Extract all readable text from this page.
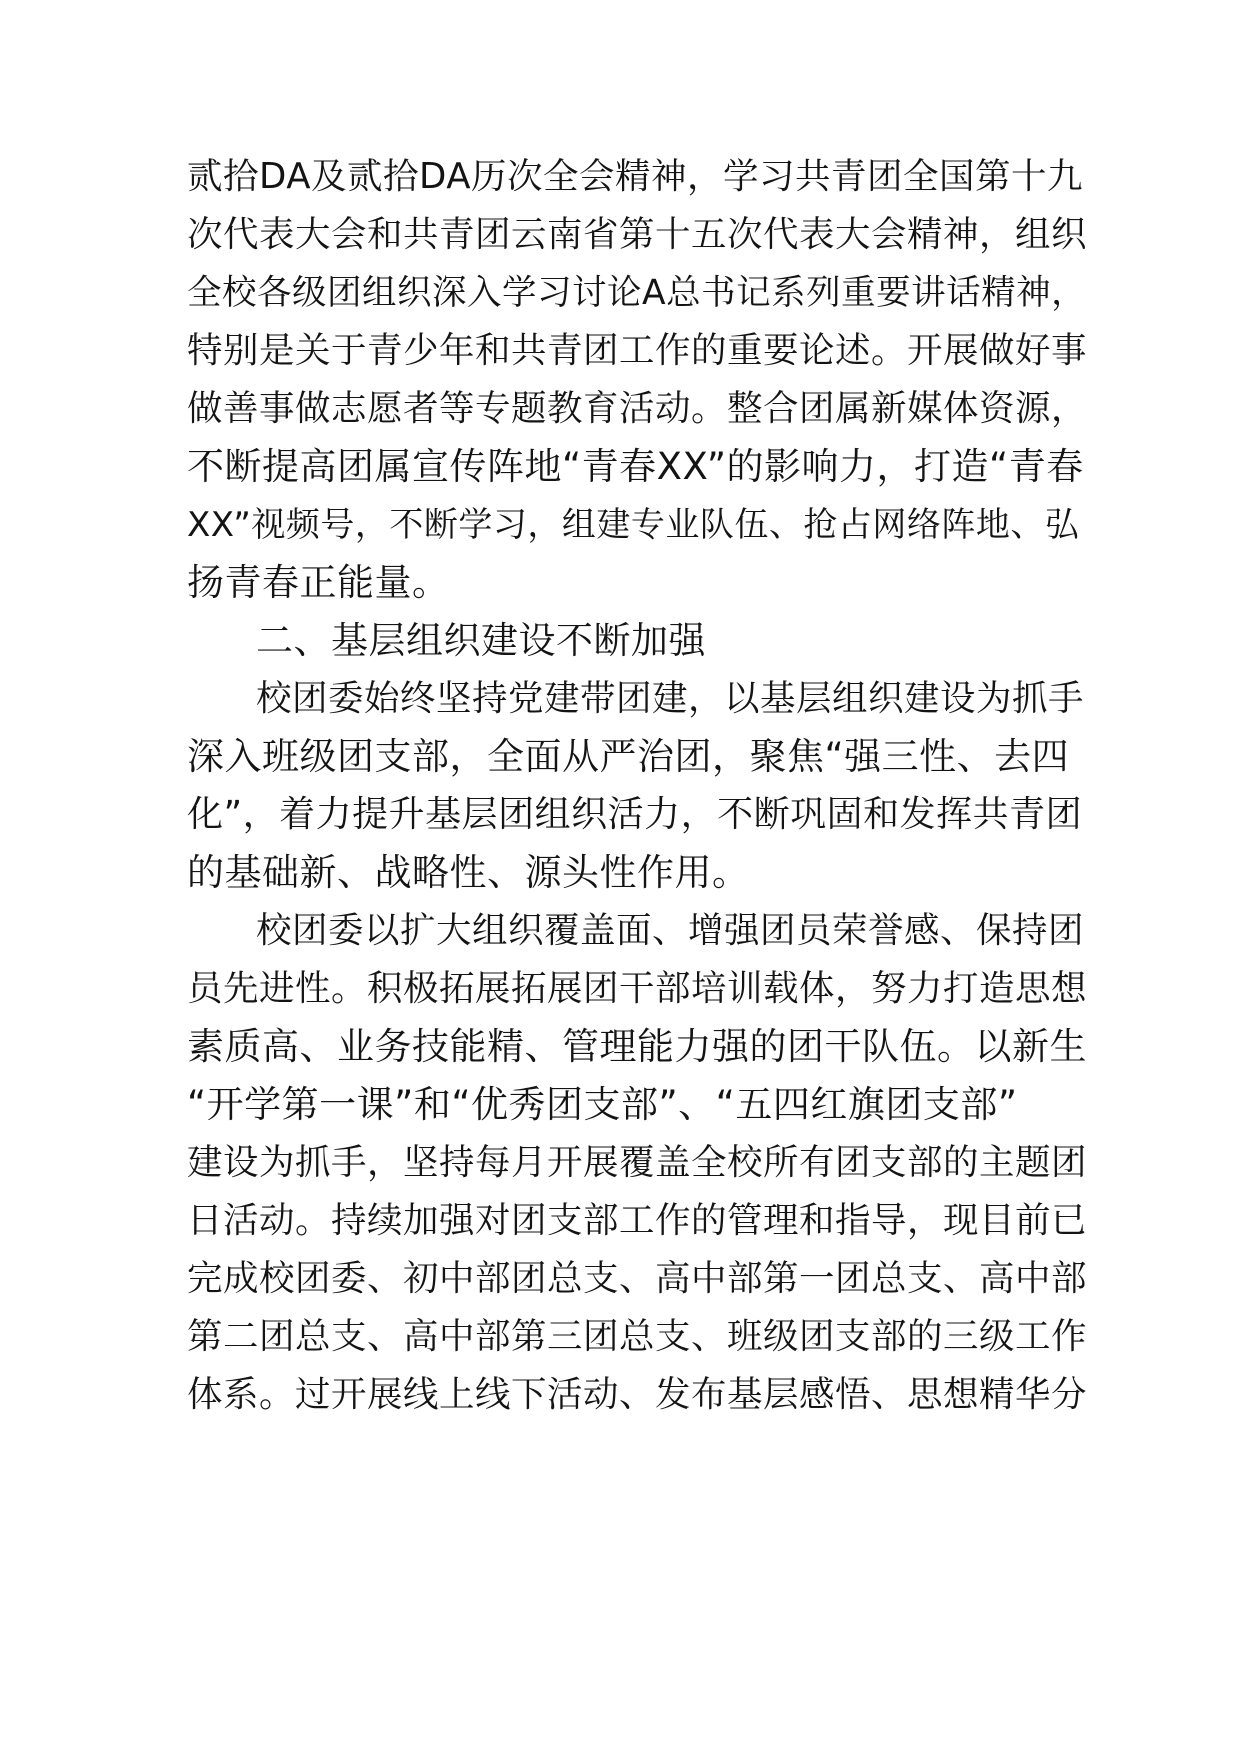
贰拾DA及贰拾DA历次全会精神，学习共青团全国第十九
次代表大会和共青团云南省第十五次代表大会精神，组织
全校各级团组织深入学习讨论A总书记系列重要讲话精神，
特别是关于青少年和共青团工作的重要论述。开展做好事
做善事做志愿者等专题教育活动。整合团属新媒体资源，
不断提高团属宣传阵地“青春XX”的影响力，打造“青春
XX”视频号，不断学习，组建专业队伍、抢占网络阵地、弘
扬青春正能量。
二、基层组织建设不断加强
校团委始终坚持党建带团建，以基层组织建设为抓手
深入班级团支部，全面从严治团，聚焦“强三性、去四
化”，着力提升基层团组织活力，不断巩固和发挥共青团
的基础新、战略性、源头性作用。
校团委以扩大组织覆盖面、增强团员荣誉感、保持团
员先进性。积极拓展拓展团干部培训载体，努力打造思想
素质高、业务技能精、管理能力强的团干队伍。以新生
“开学第一课”和“优秀团支部”、“五四红旗团支部”
建设为抓手，坚持每月开展覆盖全校所有团支部的主题团
日活动。持续加强对团支部工作的管理和指导，现目前已
完成校团委、初中部团总支、高中部第一团总支、高中部
第二团总支、高中部第三团总支、班级团支部的三级工作
体系。过开展线上线下活动、发布基层感悟、思想精华分
